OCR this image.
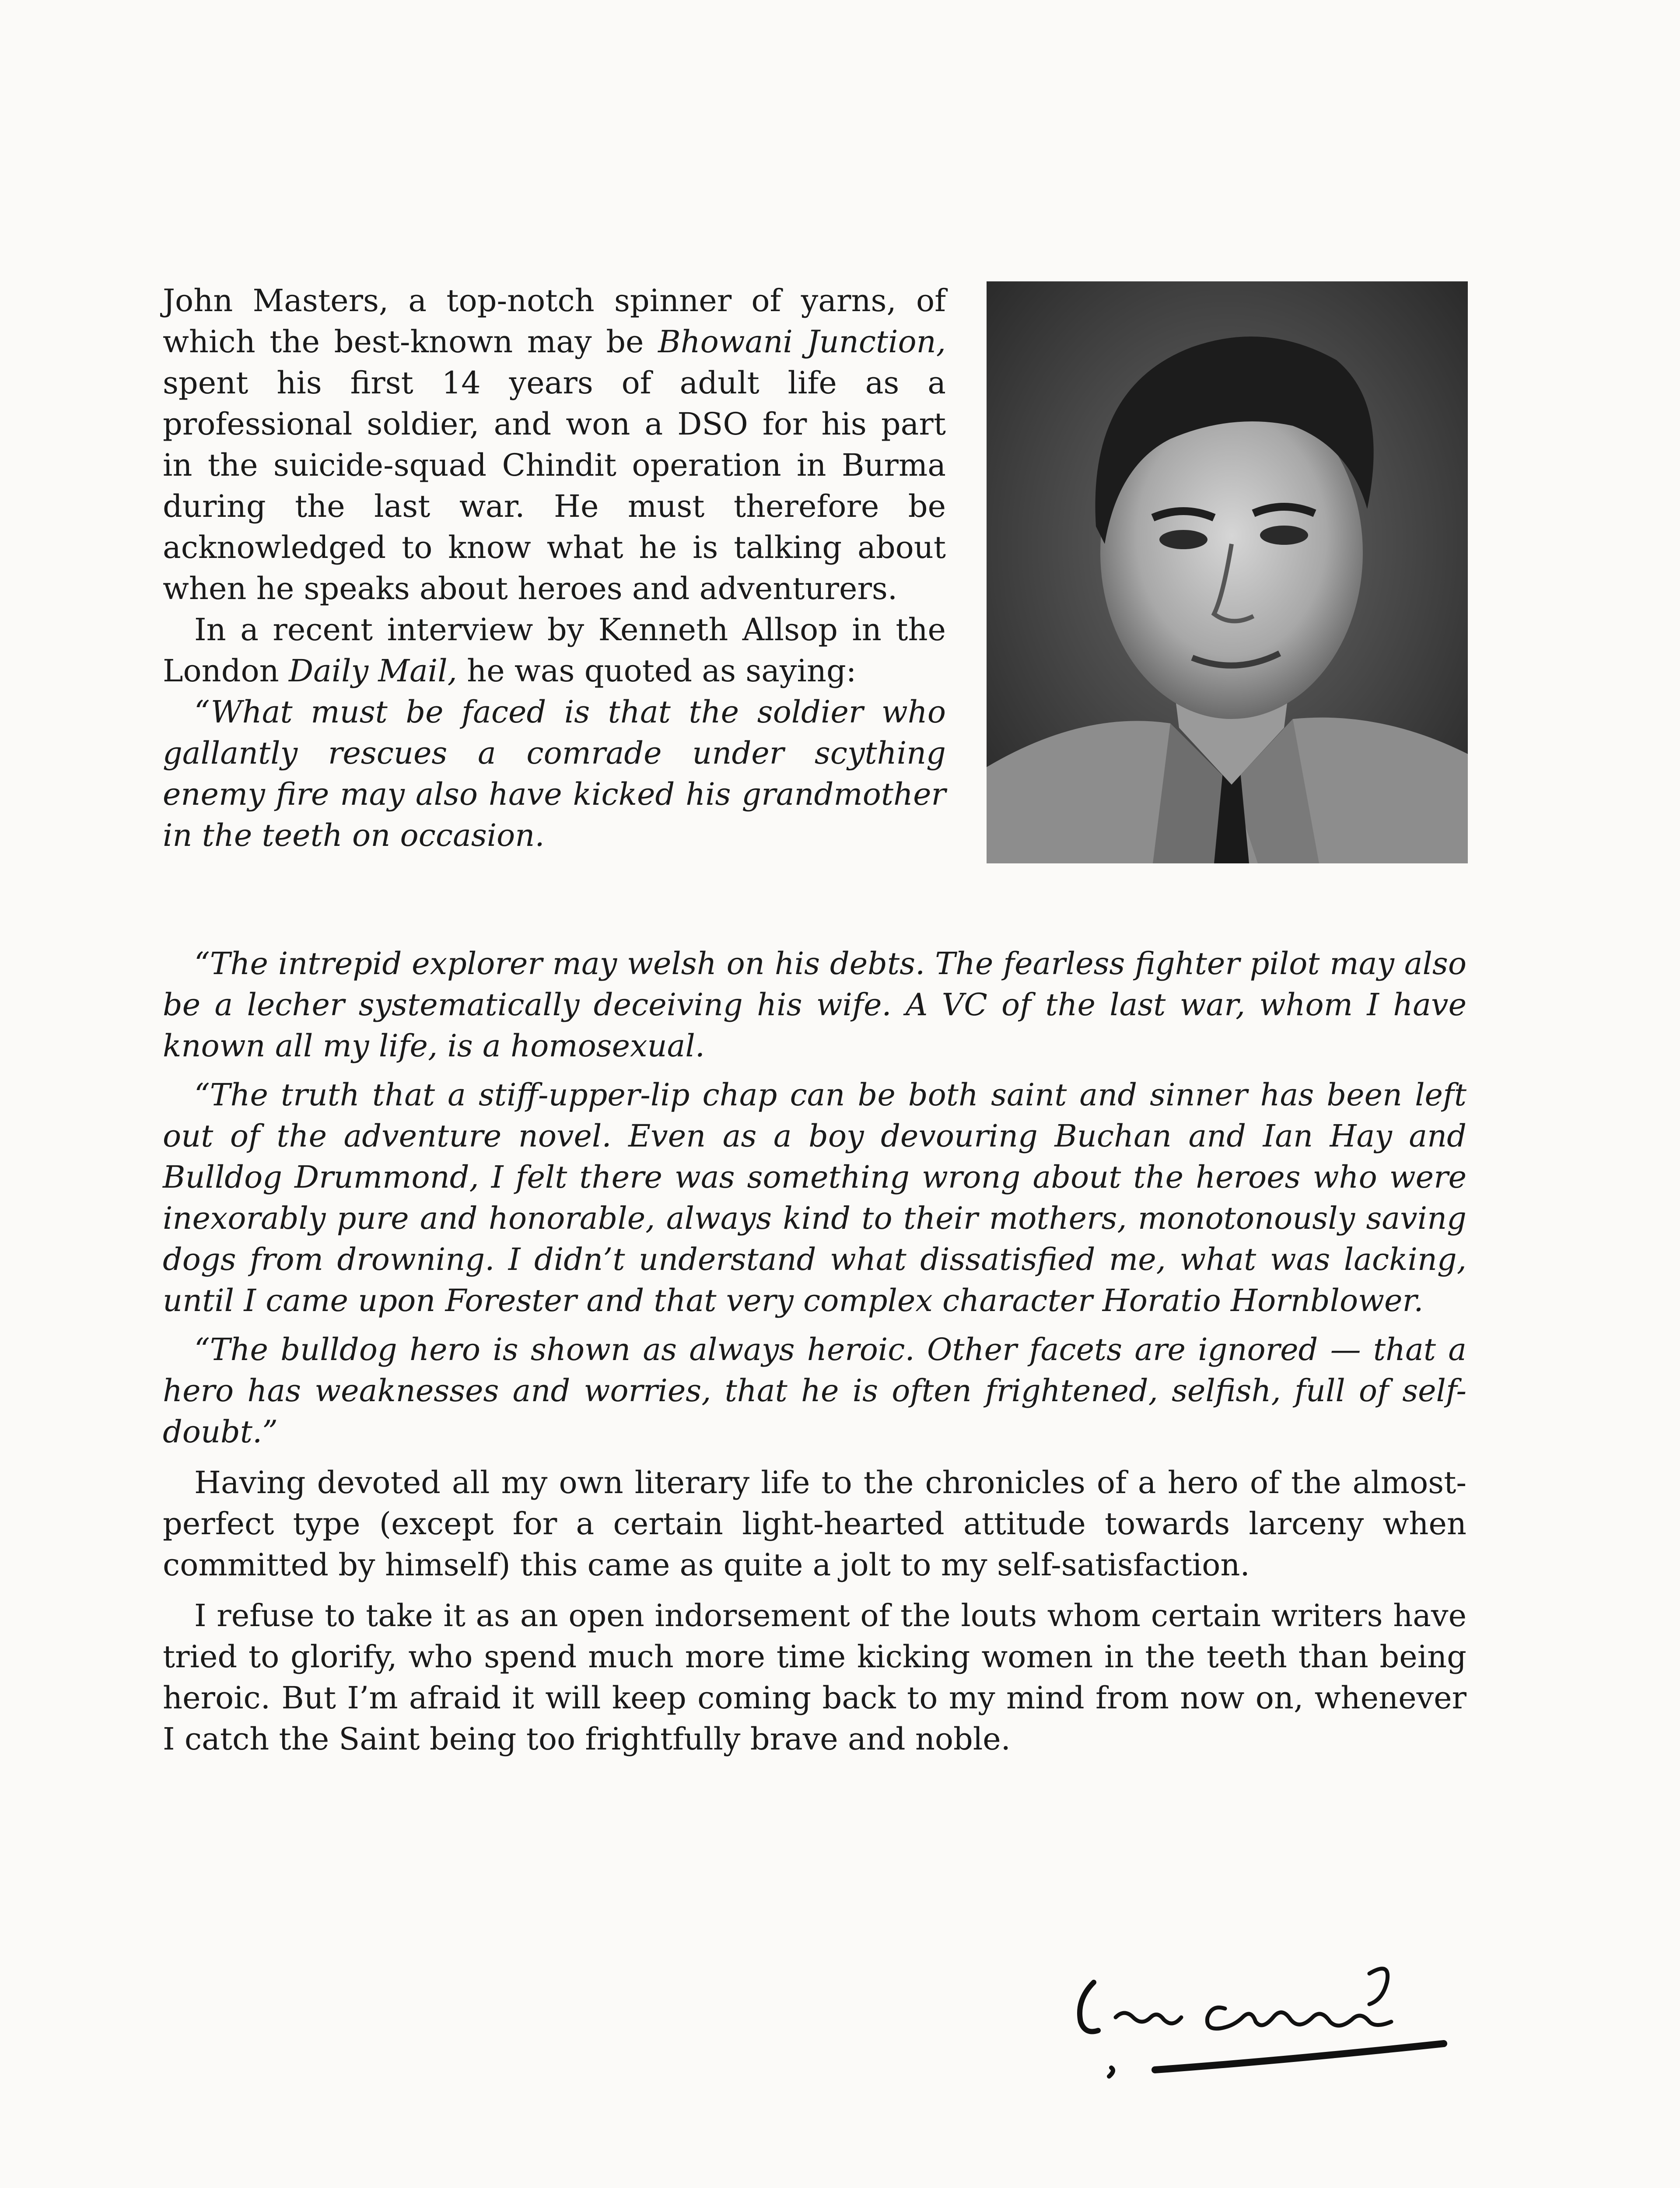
John Masters, a top-notch spinner of yarns, of which the best-known may be Bhowani Junction, spent his first 14 years of adult life as a professional soldier, and won a DSO for his part in the suicide-squad Chindit operation in Burma during the last war. He must therefore be acknowledged to know what he is talking about when he speaks about heroes and adventurers.

In a recent interview by Kenneth Allsop in the London Daily Mail, he was quoted as saying:

“What must be faced is that the soldier who gallantly rescues a comrade under scything enemy fire may also have kicked his grandmother in the teeth on occasion.

“The intrepid explorer may welsh on his debts. The fearless fighter pilot may also be a lecher systematically deceiving his wife. A VC of the last war, whom I have known all my life, is a homosexual.

“The truth that a stiff-upper-lip chap can be both saint and sinner has been left out of the adventure novel. Even as a boy devouring Buchan and Ian Hay and Bulldog Drummond, I felt there was something wrong about the heroes who were inexorably pure and honorable, always kind to their mothers, monotonously saving dogs from drowning. I didn’t understand what dissatisfied me, what was lacking, until I came upon Forester and that very complex character Horatio Hornblower.

“The bulldog hero is shown as always heroic. Other facets are ignored — that a hero has weaknesses and worries, that he is often frightened, selfish, full of self-doubt.”

Having devoted all my own literary life to the chronicles of a hero of the almost-perfect type (except for a certain light-hearted attitude towards larceny when committed by himself) this came as quite a jolt to my self-satisfaction.

I refuse to take it as an open indorsement of the louts whom certain writers have tried to glorify, who spend much more time kicking women in the teeth than being heroic. But I’m afraid it will keep coming back to my mind from now on, whenever I catch the Saint being too frightfully brave and noble.
